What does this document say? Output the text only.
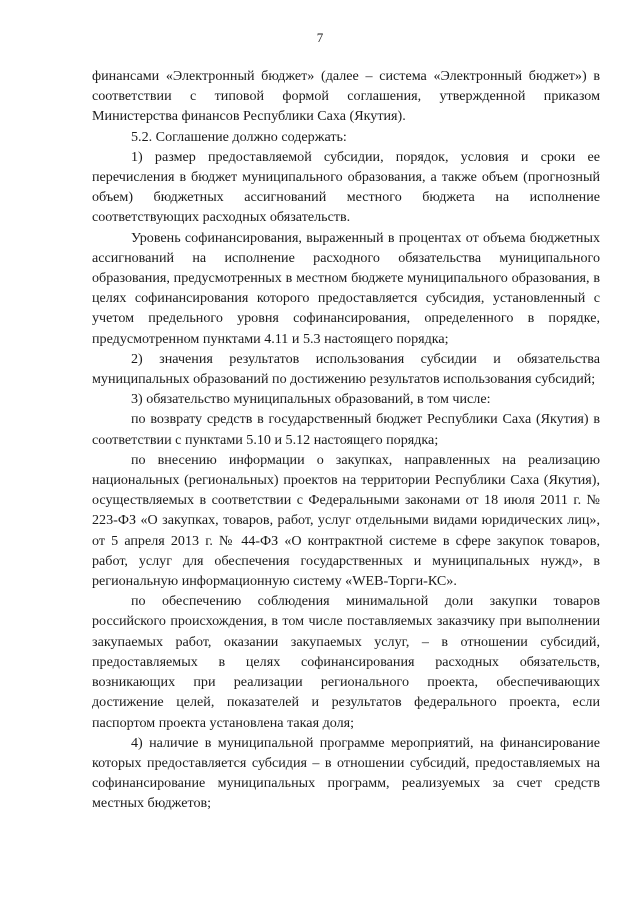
7

финансами «Электронный бюджет» (далее – система «Электронный бюджет») в соответствии с типовой формой соглашения, утвержденной приказом Министерства финансов Республики Саха (Якутия).

5.2. Соглашение должно содержать:

1) размер предоставляемой субсидии, порядок, условия и сроки ее перечисления в бюджет муниципального образования, а также объем (прогнозный объем) бюджетных ассигнований местного бюджета на исполнение соответствующих расходных обязательств.

Уровень софинансирования, выраженный в процентах от объема бюджетных ассигнований на исполнение расходного обязательства муниципального образования, предусмотренных в местном бюджете муниципального образования, в целях софинансирования которого предоставляется субсидия, установленный с учетом предельного уровня софинансирования, определенного в порядке, предусмотренном пунктами 4.11 и 5.3 настоящего порядка;

2) значения результатов использования субсидии и обязательства муниципальных образований по достижению результатов использования субсидий;

3) обязательство муниципальных образований, в том числе:

по возврату средств в государственный бюджет Республики Саха (Якутия) в соответствии с пунктами 5.10 и 5.12 настоящего порядка;

по внесению информации о закупках, направленных на реализацию национальных (региональных) проектов на территории Республики Саха (Якутия), осуществляемых в соответствии с Федеральными законами от 18 июля 2011 г. № 223-ФЗ «О закупках, товаров, работ, услуг отдельными видами юридических лиц», от 5 апреля 2013 г. № 44-ФЗ «О контрактной системе в сфере закупок товаров, работ, услуг для обеспечения государственных и муниципальных нужд», в региональную информационную систему «WEB-Торги-КС».

по обеспечению соблюдения минимальной доли закупки товаров российского происхождения, в том числе поставляемых заказчику при выполнении закупаемых работ, оказании закупаемых услуг, – в отношении субсидий, предоставляемых в целях софинансирования расходных обязательств, возникающих при реализации регионального проекта, обеспечивающих достижение целей, показателей и результатов федерального проекта, если паспортом проекта установлена такая доля;

4) наличие в муниципальной программе мероприятий, на финансирование которых предоставляется субсидия – в отношении субсидий, предоставляемых на софинансирование муниципальных программ, реализуемых за счет средств местных бюджетов;
